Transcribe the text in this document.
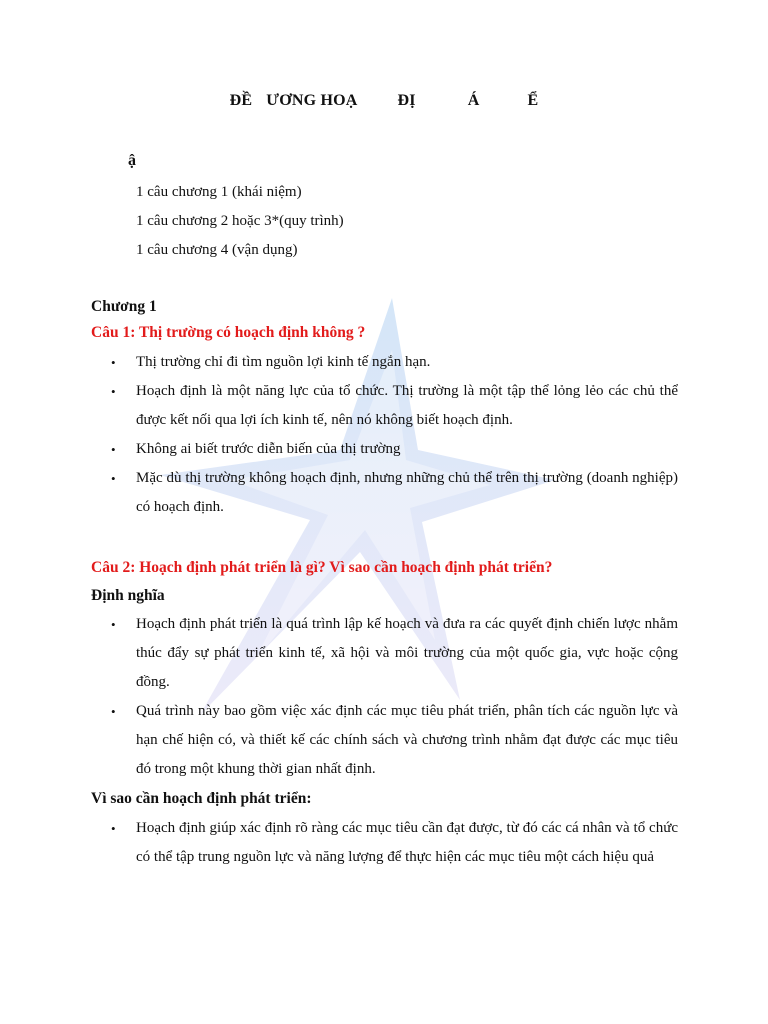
ĐỀ ƯƠNG HOẠ	ĐỊ	Á	Ể
ậ
1 câu chương 1 (khái niệm)
1 câu chương 2 hoặc 3*(quy trình)
1 câu chương 4 (vận dụng)
Chương 1
Câu 1: Thị trường có hoạch định không ?
• Thị trường chỉ đi tìm nguồn lợi kinh tế ngắn hạn.
• Hoạch định là một năng lực của tổ chức. Thị trường là một tập thể lỏng lẻo các chủ thể được kết nối qua lợi ích kinh tế, nên nó không biết hoạch định.
• Không ai biết trước diễn biến của thị trường
• Mặc dù thị trường không hoạch định, nhưng những chủ thể trên thị trường (doanh nghiệp) có hoạch định.
Câu 2: Hoạch định phát triển là gì? Vì sao cần hoạch định phát triển?
Định nghĩa
• Hoạch định phát triển là quá trình lập kế hoạch và đưa ra các quyết định chiến lược nhằm thúc đẩy sự phát triển kinh tế, xã hội và môi trường của một quốc gia, vực hoặc cộng đồng.
• Quá trình này bao gồm việc xác định các mục tiêu phát triển, phân tích các nguồn lực và hạn chế hiện có, và thiết kế các chính sách và chương trình nhằm đạt được các mục tiêu đó trong một khung thời gian nhất định.
Vì sao cần hoạch định phát triển:
• Hoạch định giúp xác định rõ ràng các mục tiêu cần đạt được, từ đó các cá nhân và tổ chức có thể tập trung nguồn lực và năng lượng để thực hiện các mục tiêu một cách hiệu quả
